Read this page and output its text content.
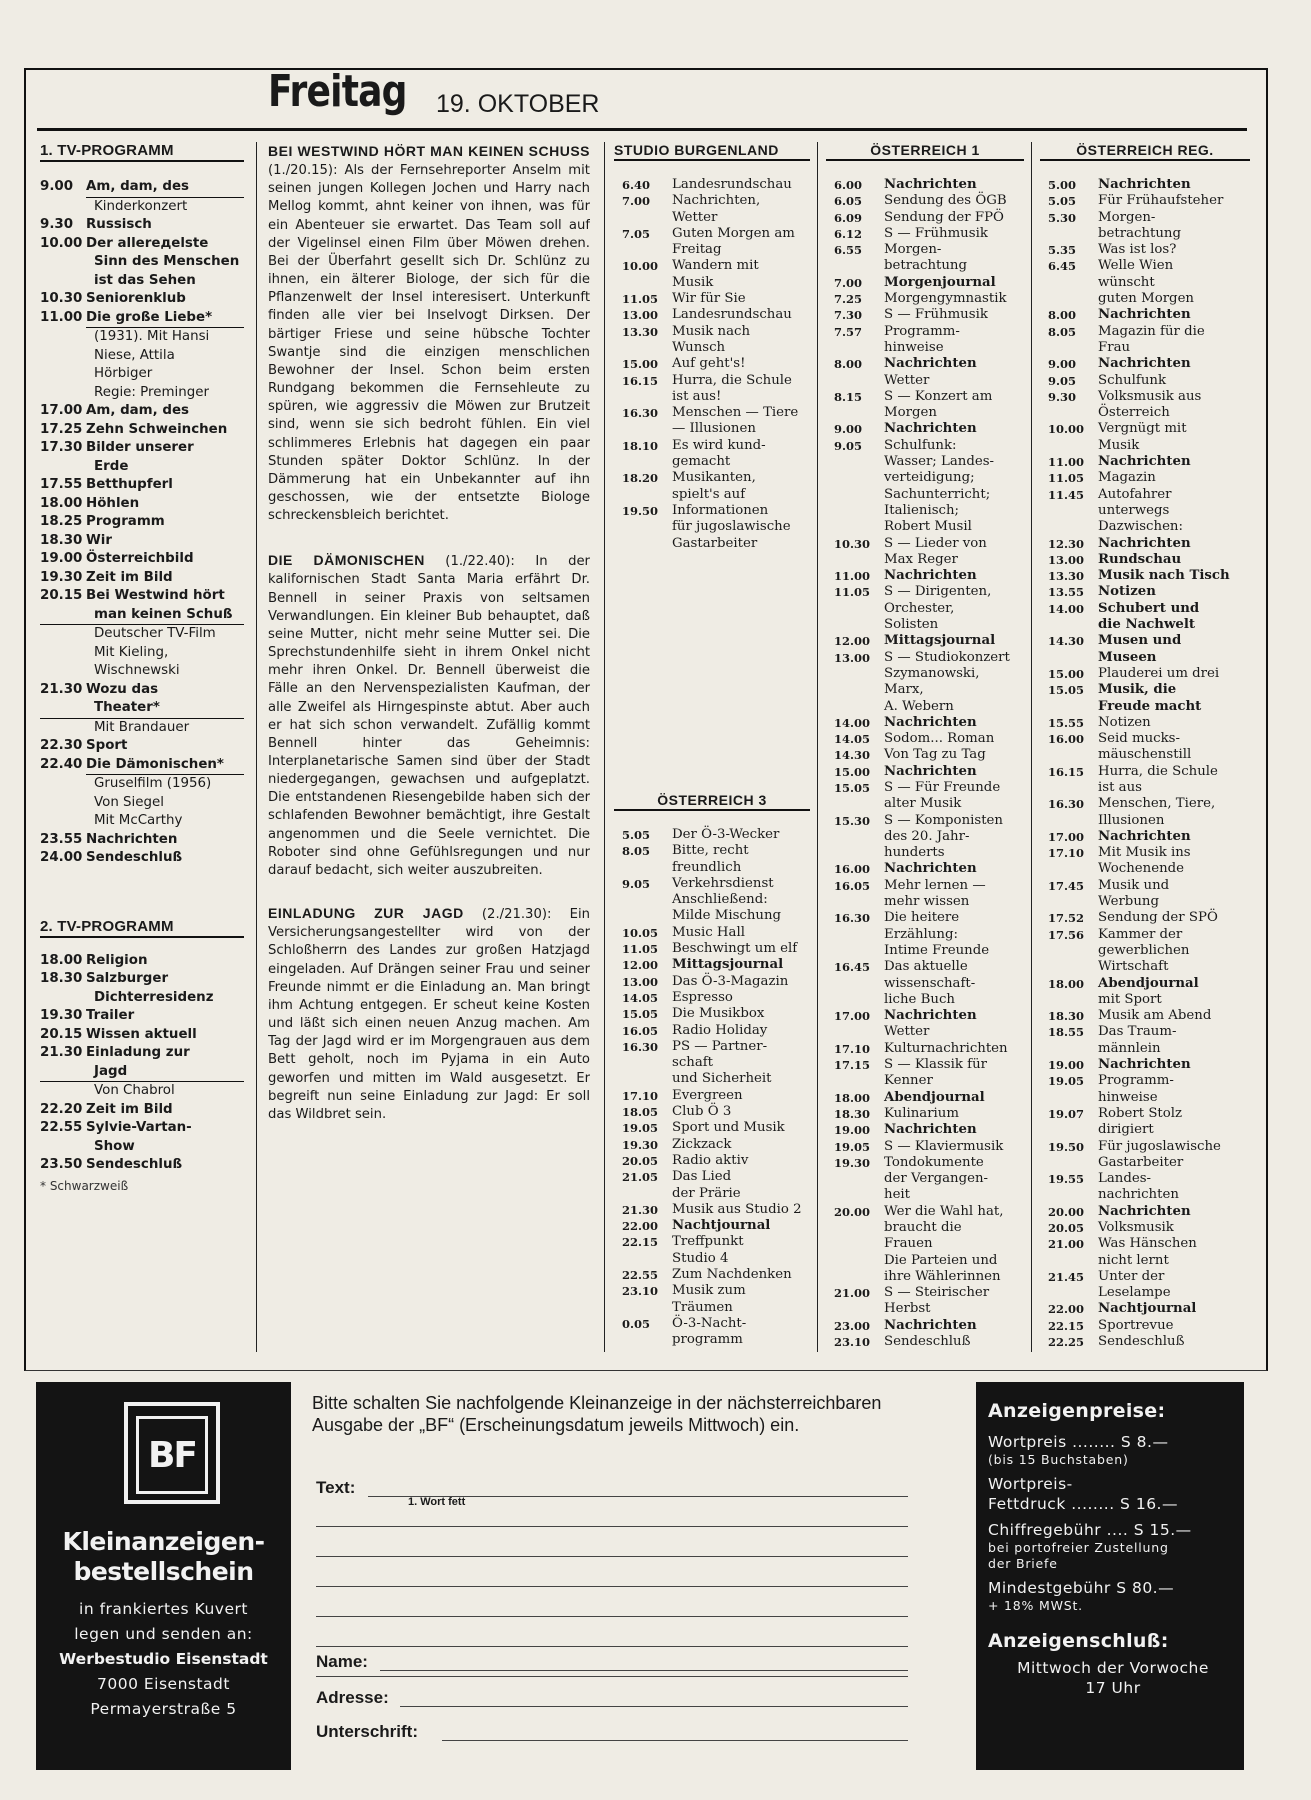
Freitag 19. OKTOBER
1. TV-PROGRAMM
9.00 Am, dam, des
Kinderkonzert
9.30 Russisch
10.00 Der allerедelste
Sinn des Menschen
ist das Sehen
10.30 Seniorenklub
11.00 Die große Liebe*
(1931). Mit Hansi
Niese, Attila
Hörbiger
Regie: Preminger
17.00 Am, dam, des
17.25 Zehn Schweinchen
17.30 Bilder unserer
Erde
17.55 Betthupferl
18.00 Höhlen
18.25 Programm
18.30 Wir
19.00 Österreichbild
19.30 Zeit im Bild
20.15 Bei Westwind hört
man keinen Schuß
Deutscher TV-Film
Mit Kieling,
Wischnewski
21.30 Wozu das
Theater*
Mit Brandauer
22.30 Sport
22.40 Die Dämonischen*
Gruselfilm (1956)
Von Siegel
Mit McCarthy
23.55 Nachrichten
24.00 Sendeschluß
2. TV-PROGRAMM
18.00 Religion
18.30 Salzburger
Dichterresidenz
19.30 Trailer
20.15 Wissen aktuell
21.30 Einladung zur
Jagd
Von Chabrol
22.20 Zeit im Bild
22.55 Sylvie-Vartan-
Show
23.50 Sendeschluß
* Schwarzweiß
BEI WESTWIND HÖRT MAN KEINEN SCHUSS (1./20.15): Als der Fernsehreporter Anselm mit seinen jungen Kollegen Jochen und Harry nach Mellog kommt, ahnt keiner von ihnen, was für ein Abenteuer sie erwartet. Das Team soll auf der Vigelinsel einen Film über Möwen drehen. Bei der Überfahrt gesellt sich Dr. Schlünz zu ihnen, ein älterer Biologe, der sich für die Pflanzenwelt der Insel interesisert. Unterkunft finden alle vier bei Inselvogt Dirksen. Der bärtiger Friese und seine hübsche Tochter Swantje sind die einzigen menschlichen Bewohner der Insel. Schon beim ersten Rundgang bekommen die Fernsehleute zu spüren, wie aggressiv die Möwen zur Brutzeit sind, wenn sie sich bedroht fühlen. Ein viel schlimmeres Erlebnis hat dagegen ein paar Stunden später Doktor Schlünz. In der Dämmerung hat ein Unbekannter auf ihn geschossen, wie der entsetzte Biologe schreckensbleich berichtet.
DIE DÄMONISCHEN (1./22.40): In der kalifornischen Stadt Santa Maria erfährt Dr. Bennell in seiner Praxis von seltsamen Verwandlungen. Ein kleiner Bub behauptet, daß seine Mutter, nicht mehr seine Mutter sei. Die Sprechstundenhilfe sieht in ihrem Onkel nicht mehr ihren Onkel. Dr. Bennell überweist die Fälle an den Nervenspezialisten Kaufman, der alle Zweifel als Hirngespinste abtut. Aber auch er hat sich schon verwandelt. Zufällig kommt Bennell hinter das Geheimnis: Interplanetarische Samen sind über der Stadt niedergegangen, gewachsen und aufgeplatzt. Die entstandenen Riesengebilde haben sich der schlafenden Bewohner bemächtigt, ihre Gestalt angenommen und die Seele vernichtet. Die Roboter sind ohne Gefühlsregungen und nur darauf bedacht, sich weiter auszubreiten.
EINLADUNG ZUR JAGD (2./21.30): Ein Versicherungsangestellter wird von der Schloßherrn des Landes zur großen Hatzjagd eingeladen. Auf Drängen seiner Frau und seiner Freunde nimmt er die Einladung an. Man bringt ihm Achtung entgegen. Er scheut keine Kosten und läßt sich einen neuen Anzug machen. Am Tag der Jagd wird er im Morgengrauen aus dem Bett geholt, noch im Pyjama in ein Auto geworfen und mitten im Wald ausgesetzt. Er begreift nun seine Einladung zur Jagd: Er soll das Wildbret sein.
STUDIO BURGENLAND
6.40	Landesrundschau
7.00	Nachrichten,
Wetter
7.05	Guten Morgen am
Freitag
10.00	Wandern mit
Musik
11.05	Wir für Sie
13.00	Landesrundschau
13.30	Musik nach
Wunsch
15.00	Auf geht's!
16.15	Hurra, die Schule
ist aus!
16.30	Menschen — Tiere
— Illusionen
18.10	Es wird kund-
gemacht
18.20	Musikanten,
spielt's auf
19.50	Informationen
für jugoslawische
Gastarbeiter
ÖSTERREICH 3
5.05	Der Ö-3-Wecker
8.05	Bitte, recht
freundlich
9.05	Verkehrsdienst
Anschließend:
Milde Mischung
10.05	Music Hall
11.05	Beschwingt um elf
12.00	Mittagsjournal
13.00	Das Ö-3-Magazin
14.05	Espresso
15.05	Die Musikbox
16.05	Radio Holiday
16.30	PS — Partner-
schaft
und Sicherheit
17.10	Evergreen
18.05	Club Ö 3
19.05	Sport und Musik
19.30	Zickzack
20.05	Radio aktiv
21.05	Das Lied
der Prärie
21.30	Musik aus Studio 2
22.00	Nachtjournal
22.15	Treffpunkt
Studio 4
22.55	Zum Nachdenken
23.10	Musik zum
Träumen
0.05	Ö-3-Nacht-
programm
ÖSTERREICH 1
6.00	Nachrichten
6.05	Sendung des ÖGB
6.09	Sendung der FPÖ
6.12	S — Frühmusik
6.55	Morgen-
betrachtung
7.00	Morgenjournal
7.25	Morgengymnastik
7.30	S — Frühmusik
7.57	Programm-
hinweise
8.00	Nachrichten
Wetter
8.15	S — Konzert am
Morgen
9.00	Nachrichten
9.05	Schulfunk:
Wasser; Landes-
verteidigung;
Sachunterricht;
Italienisch;
Robert Musil
10.30	S — Lieder von
Max Reger
11.00	Nachrichten
11.05	S — Dirigenten,
Orchester,
Solisten
12.00	Mittagsjournal
13.00	S — Studiokonzert
Szymanowski,
Marx,
A. Webern
14.00	Nachrichten
14.05	Sodom... Roman
14.30	Von Tag zu Tag
15.00	Nachrichten
15.05	S — Für Freunde
alter Musik
15.30	S — Komponisten
des 20. Jahr-
hunderts
16.00	Nachrichten
16.05	Mehr lernen —
mehr wissen
16.30	Die heitere
Erzählung:
Intime Freunde
16.45	Das aktuelle
wissenschaft-
liche Buch
17.00	Nachrichten
Wetter
17.10	Kulturnachrichten
17.15	S — Klassik für
Kenner
18.00	Abendjournal
18.30	Kulinarium
19.00	Nachrichten
19.05	S — Klaviermusik
19.30	Tondokumente
der Vergangen-
heit
20.00	Wer die Wahl hat,
braucht die
Frauen
Die Parteien und
ihre Wählerinnen
21.00	S — Steirischer
Herbst
23.00	Nachrichten
23.10	Sendeschluß
ÖSTERREICH REG.
5.00	Nachrichten
5.05	Für Frühaufsteher
5.30	Morgen-
betrachtung
5.35	Was ist los?
6.45	Welle Wien
wünscht
guten Morgen
8.00	Nachrichten
8.05	Magazin für die
Frau
9.00	Nachrichten
9.05	Schulfunk
9.30	Volksmusik aus
Österreich
10.00	Vergnügt mit
Musik
11.00	Nachrichten
11.05	Magazin
11.45	Autofahrer
unterwegs
Dazwischen:
12.30	Nachrichten
13.00	Rundschau
13.30	Musik nach Tisch
13.55	Notizen
14.00	Schubert und
die Nachwelt
14.30	Musen und
Museen
15.00	Plauderei um drei
15.05	Musik, die
Freude macht
15.55	Notizen
16.00	Seid mucks-
mäuschenstill
16.15	Hurra, die Schule
ist aus
16.30	Menschen, Tiere,
Illusionen
17.00	Nachrichten
17.10	Mit Musik ins
Wochenende
17.45	Musik und
Werbung
17.52	Sendung der SPÖ
17.56	Kammer der
gewerblichen
Wirtschaft
18.00	Abendjournal
mit Sport
18.30	Musik am Abend
18.55	Das Traum-
männlein
19.00	Nachrichten
19.05	Programm-
hinweise
19.07	Robert Stolz
dirigiert
19.50	Für jugoslawische
Gastarbeiter
19.55	Landes-
nachrichten
20.00	Nachrichten
20.05	Volksmusik
21.00	Was Hänschen
nicht lernt
21.45	Unter der
Leselampe
22.00	Nachtjournal
22.15	Sportrevue
22.25	Sendeschluß
BF
Kleinanzeigen-
bestellschein
in frankiertes Kuvert
legen und senden an:
Werbestudio Eisenstadt
7000 Eisenstadt
Permayerstraße 5
Bitte schalten Sie nachfolgende Kleinanzeige in der nächsterreichbaren Ausgabe der „BF“ (Erscheinungsdatum jeweils Mittwoch) ein.
Text:
1. Wort fett
Name:
Adresse:
Unterschrift:
Anzeigenpreise:
Wortpreis ........ S 8.—
(bis 15 Buchstaben)
Wortpreis-
Fettdruck ........ S 16.—
Chiffregebühr .... S 15.—
bei portofreier Zustellung
der Briefe
Mindestgebühr S 80.—
+ 18% MWSt.
Anzeigenschluß:
Mittwoch der Vorwoche
17 Uhr
